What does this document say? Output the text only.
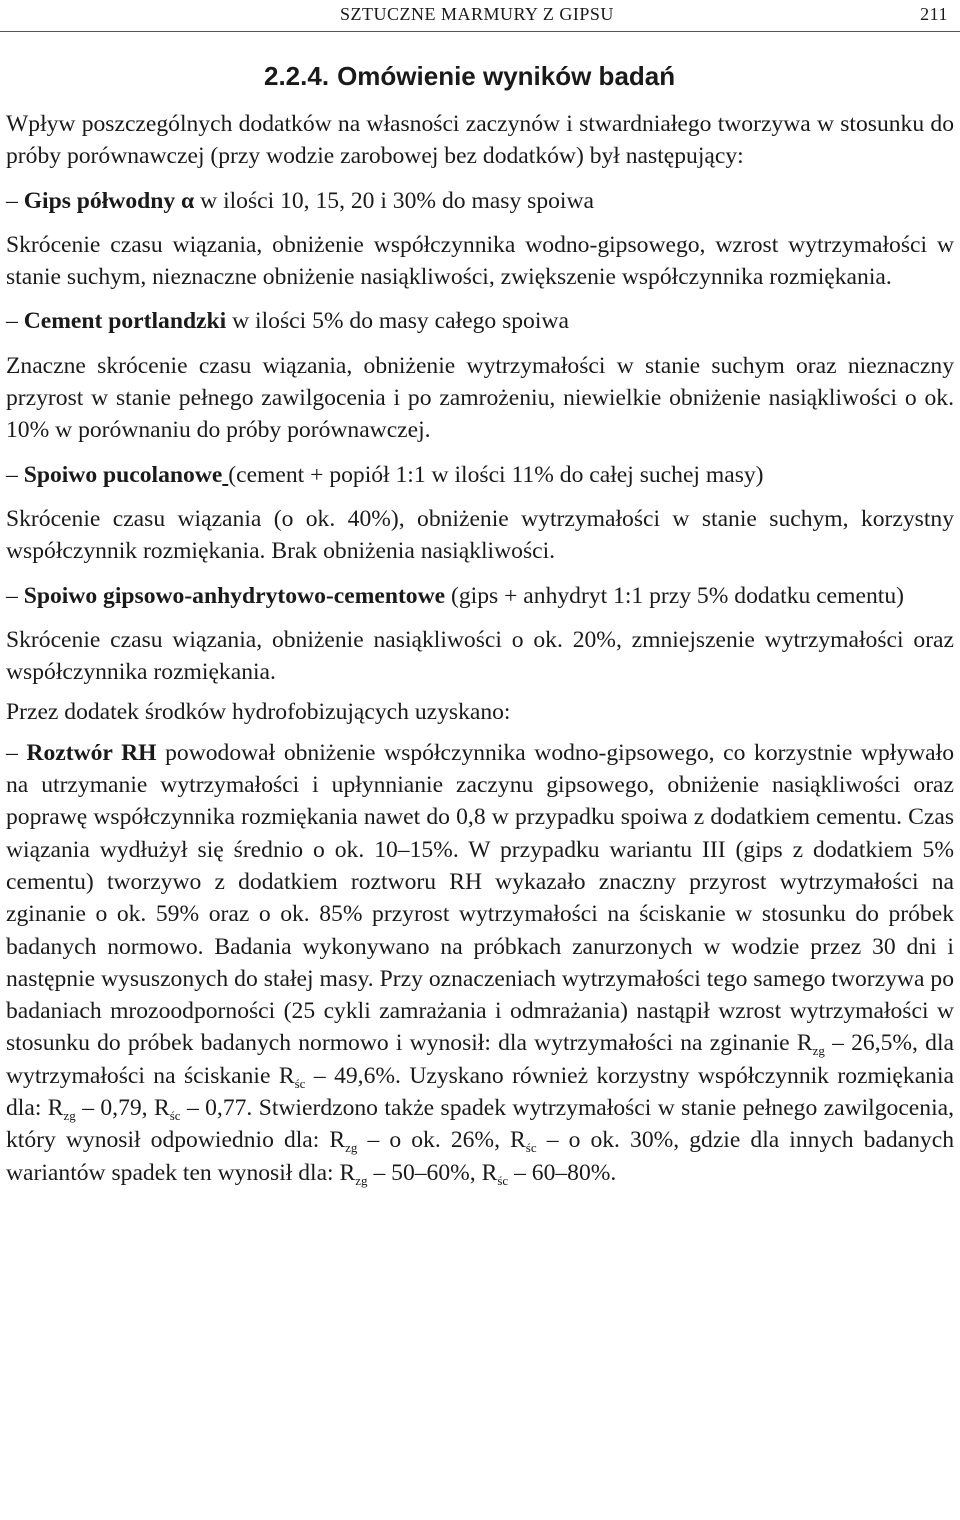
SZTUCZNE MARMURY Z GIPSU	211
2.2.4. Omówienie wyników badań

Wpływ poszczególnych dodatków na własności zaczynów i stwardniałego tworzywa w stosunku do próby porównawczej (przy wodzie zarobowej bez dodatków) był następujący:

– Gips półwodny α w ilości 10, 15, 20 i 30% do masy spoiwa

Skrócenie czasu wiązania, obniżenie współczynnika wodno-gipsowego, wzrost wytrzymałości w stanie suchym, nieznaczne obniżenie nasiąkliwości, zwiększenie współczynnika rozmiękania.

– Cement portlandzki w ilości 5% do masy całego spoiwa

Znaczne skrócenie czasu wiązania, obniżenie wytrzymałości w stanie suchym oraz nieznaczny przyrost w stanie pełnego zawilgocenia i po zamrożeniu, niewielkie obniżenie nasiąkliwości o ok. 10% w porównaniu do próby porównawczej.

– Spoiwo pucolanowe (cement + popiół 1:1 w ilości 11% do całej suchej masy)

Skrócenie czasu wiązania (o ok. 40%), obniżenie wytrzymałości w stanie suchym, korzystny współczynnik rozmiękania. Brak obniżenia nasiąkliwości.

– Spoiwo gipsowo-anhydrytowo-cementowe (gips + anhydryt 1:1 przy 5% dodatku cementu)

Skrócenie czasu wiązania, obniżenie nasiąkliwości o ok. 20%, zmniejszenie wytrzymałości oraz współczynnika rozmiękania.

Przez dodatek środków hydrofobizujących uzyskano:

– Roztwór RH powodował obniżenie współczynnika wodno-gipsowego, co korzystnie wpływało na utrzymanie wytrzymałości i upłynnianie zaczynu gipsowego, obniżenie nasiąkliwości oraz poprawę współczynnika rozmiękania nawet do 0,8 w przypadku spoiwa z dodatkiem cementu. Czas wiązania wydłużył się średnio o ok. 10–15%. W przypadku wariantu III (gips z dodatkiem 5% cementu) tworzywo z dodatkiem roztworu RH wykazało znaczny przyrost wytrzymałości na zginanie o ok. 59% oraz o ok. 85% przyrost wytrzymałości na ściskanie w stosunku do próbek badanych normowo. Badania wykonywano na próbkach zanurzonych w wodzie przez 30 dni i następnie wysuszonych do stałej masy. Przy oznaczeniach wytrzymałości tego samego tworzywa po badaniach mrozoodporności (25 cykli zamrażania i odmrażania) nastąpił wzrost wytrzymałości w stosunku do próbek badanych normowo i wynosił: dla wytrzymałości na zginanie $R_{zg} - 26,5\%$, dla wytrzymałości na ściskanie $R_{śc} - 49,6\%$. Uzyskano również korzystny współczynnik rozmiękania dla: $R_{zg} - 0,79$, $R_{śc} - 0,77$. Stwierdzono także spadek wytrzymałości w stanie pełnego zawilgocenia, który wynosił odpowiednio dla: $R_{zg}$ – o ok. 26%, $R_{śc}$ – o ok. 30%, gdzie dla innych badanych wariantów spadek ten wynosił dla: $R_{zg} - 50-60\%$, $R_{śc} - 60-80\%$.
